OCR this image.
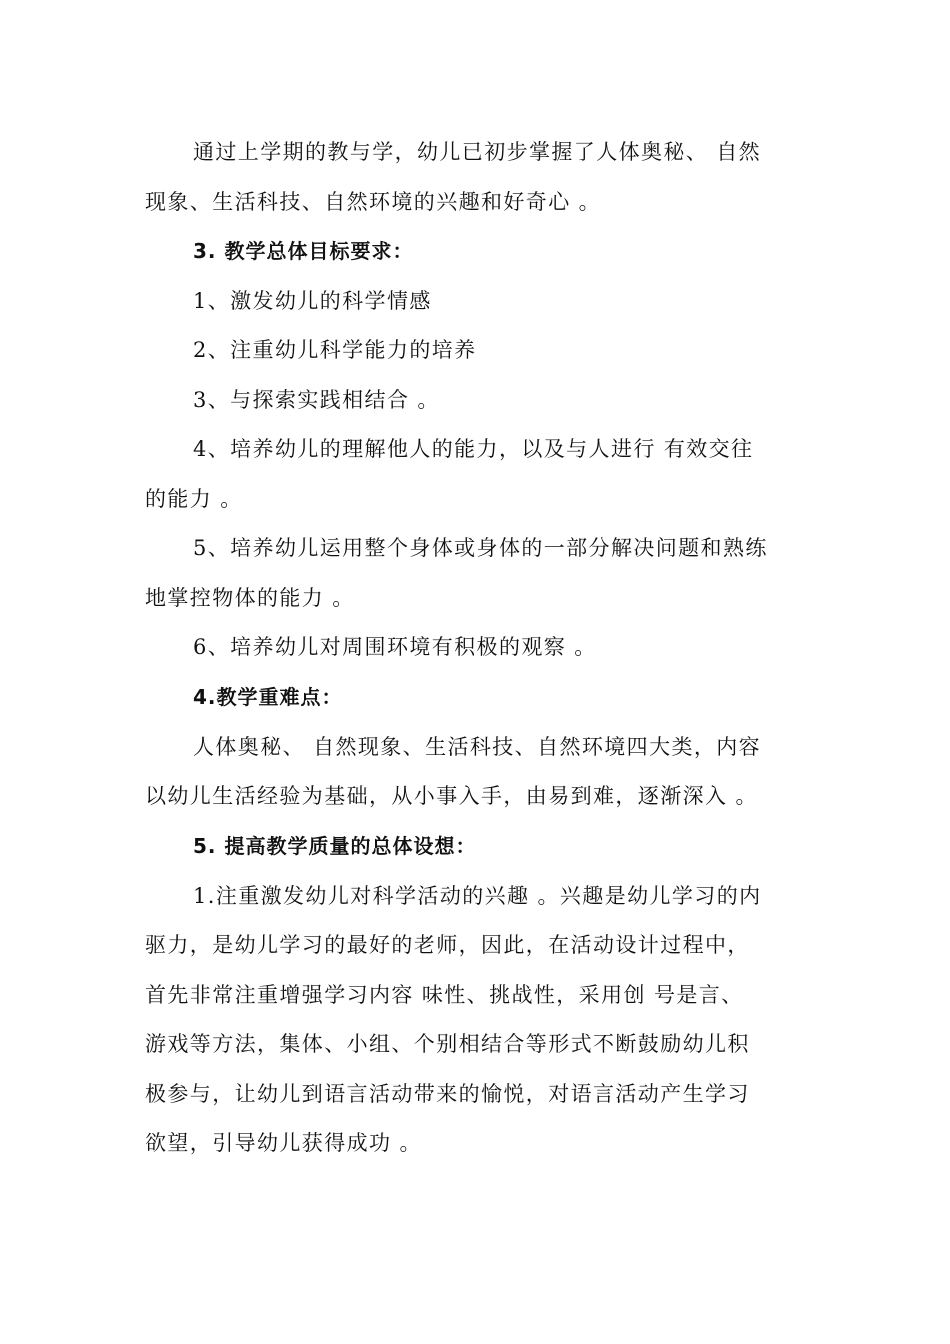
通过上学期的教与学，幼儿已初步掌握了人体奥秘、 自然
现象、生活科技、自然环境的兴趣和好奇心 。
3. 教学总体目标要求：
1、激发幼儿的科学情感
2、注重幼儿科学能力的培养
3、与探索实践相结合 。
4、培养幼儿的理解他人的能力，以及与人进行 有效交往
的能力 。
5、培养幼儿运用整个身体或身体的一部分解决问题和熟练
地掌控物体的能力 。
6、培养幼儿对周围环境有积极的观察 。
4.教学重难点：
人体奥秘、 自然现象、生活科技、自然环境四大类，内容
以幼儿生活经验为基础，从小事入手，由易到难，逐渐深入 。
5. 提高教学质量的总体设想：
1.注重激发幼儿对科学活动的兴趣 。兴趣是幼儿学习的内
驱力，是幼儿学习的最好的老师，因此，在活动设计过程中，
首先非常注重增强学习内容 味性、挑战性，采用创 号是言、
游戏等方法，集体、小组、个别相结合等形式不断鼓励幼儿积
极参与，让幼儿到语言活动带来的愉悦，对语言活动产生学习
欲望，引导幼儿获得成功 。
